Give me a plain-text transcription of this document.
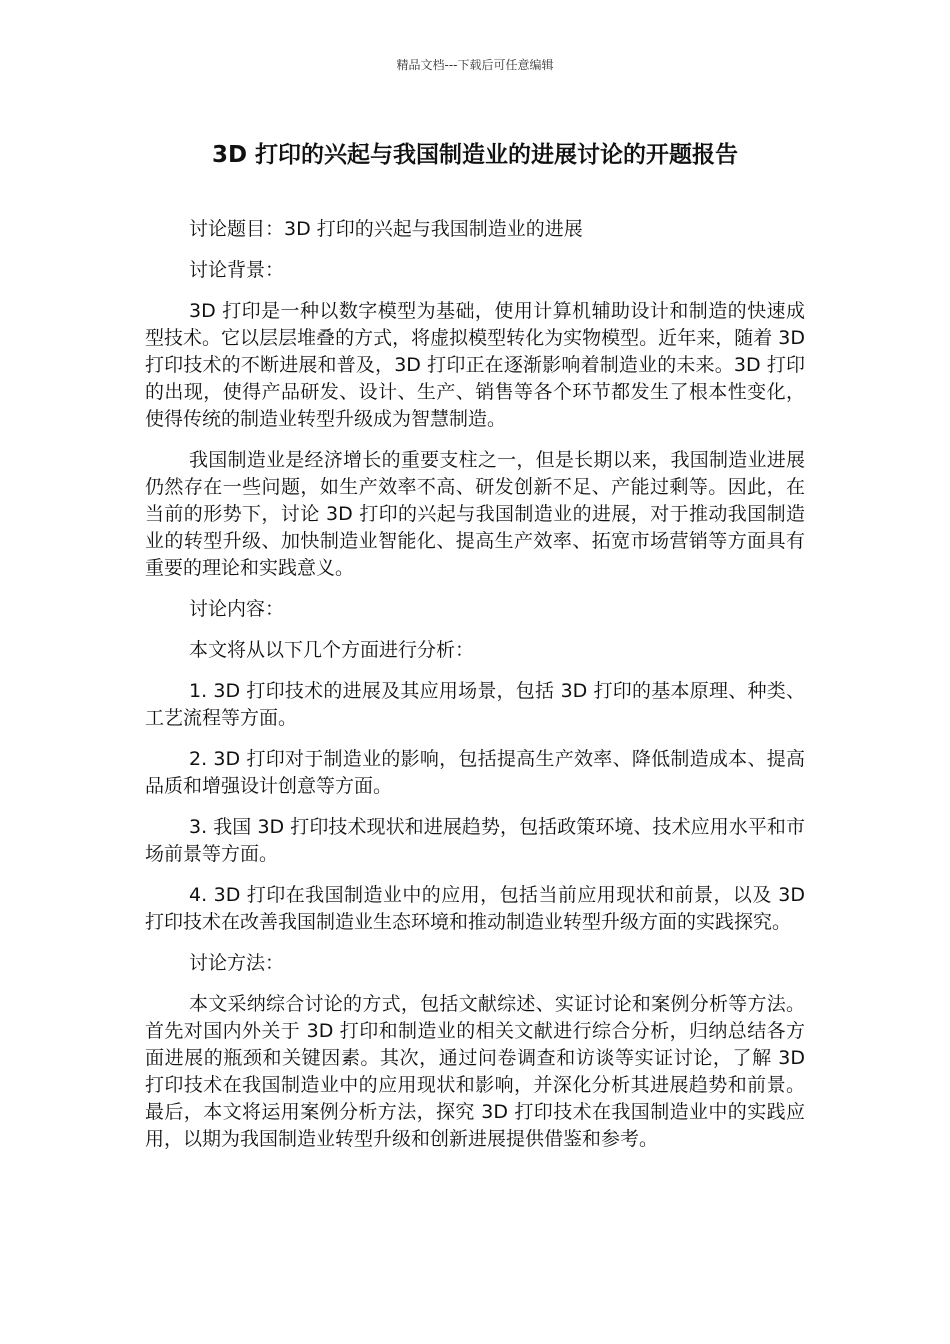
精品文档---下载后可任意编辑
3D 打印的兴起与我国制造业的进展讨论的开题报告

讨论题目：3D 打印的兴起与我国制造业的进展

讨论背景：

3D 打印是一种以数字模型为基础，使用计算机辅助设计和制造的快速成型技术。它以层层堆叠的方式，将虚拟模型转化为实物模型。近年来，随着 3D 打印技术的不断进展和普及，3D 打印正在逐渐影响着制造业的未来。3D 打印的出现，使得产品研发、设计、生产、销售等各个环节都发生了根本性变化，使得传统的制造业转型升级成为智慧制造。

我国制造业是经济增长的重要支柱之一，但是长期以来，我国制造业进展仍然存在一些问题，如生产效率不高、研发创新不足、产能过剩等。因此，在当前的形势下，讨论 3D 打印的兴起与我国制造业的进展，对于推动我国制造业的转型升级、加快制造业智能化、提高生产效率、拓宽市场营销等方面具有重要的理论和实践意义。

讨论内容：

本文将从以下几个方面进行分析：

1. 3D 打印技术的进展及其应用场景，包括 3D 打印的基本原理、种类、工艺流程等方面。

2. 3D 打印对于制造业的影响，包括提高生产效率、降低制造成本、提高品质和增强设计创意等方面。

3. 我国 3D 打印技术现状和进展趋势，包括政策环境、技术应用水平和市场前景等方面。

4. 3D 打印在我国制造业中的应用，包括当前应用现状和前景，以及 3D 打印技术在改善我国制造业生态环境和推动制造业转型升级方面的实践探究。

讨论方法：

本文采纳综合讨论的方式，包括文献综述、实证讨论和案例分析等方法。首先对国内外关于 3D 打印和制造业的相关文献进行综合分析，归纳总结各方面进展的瓶颈和关键因素。其次，通过问卷调查和访谈等实证讨论，了解 3D 打印技术在我国制造业中的应用现状和影响，并深化分析其进展趋势和前景。最后，本文将运用案例分析方法，探究 3D 打印技术在我国制造业中的实践应用，以期为我国制造业转型升级和创新进展提供借鉴和参考。
